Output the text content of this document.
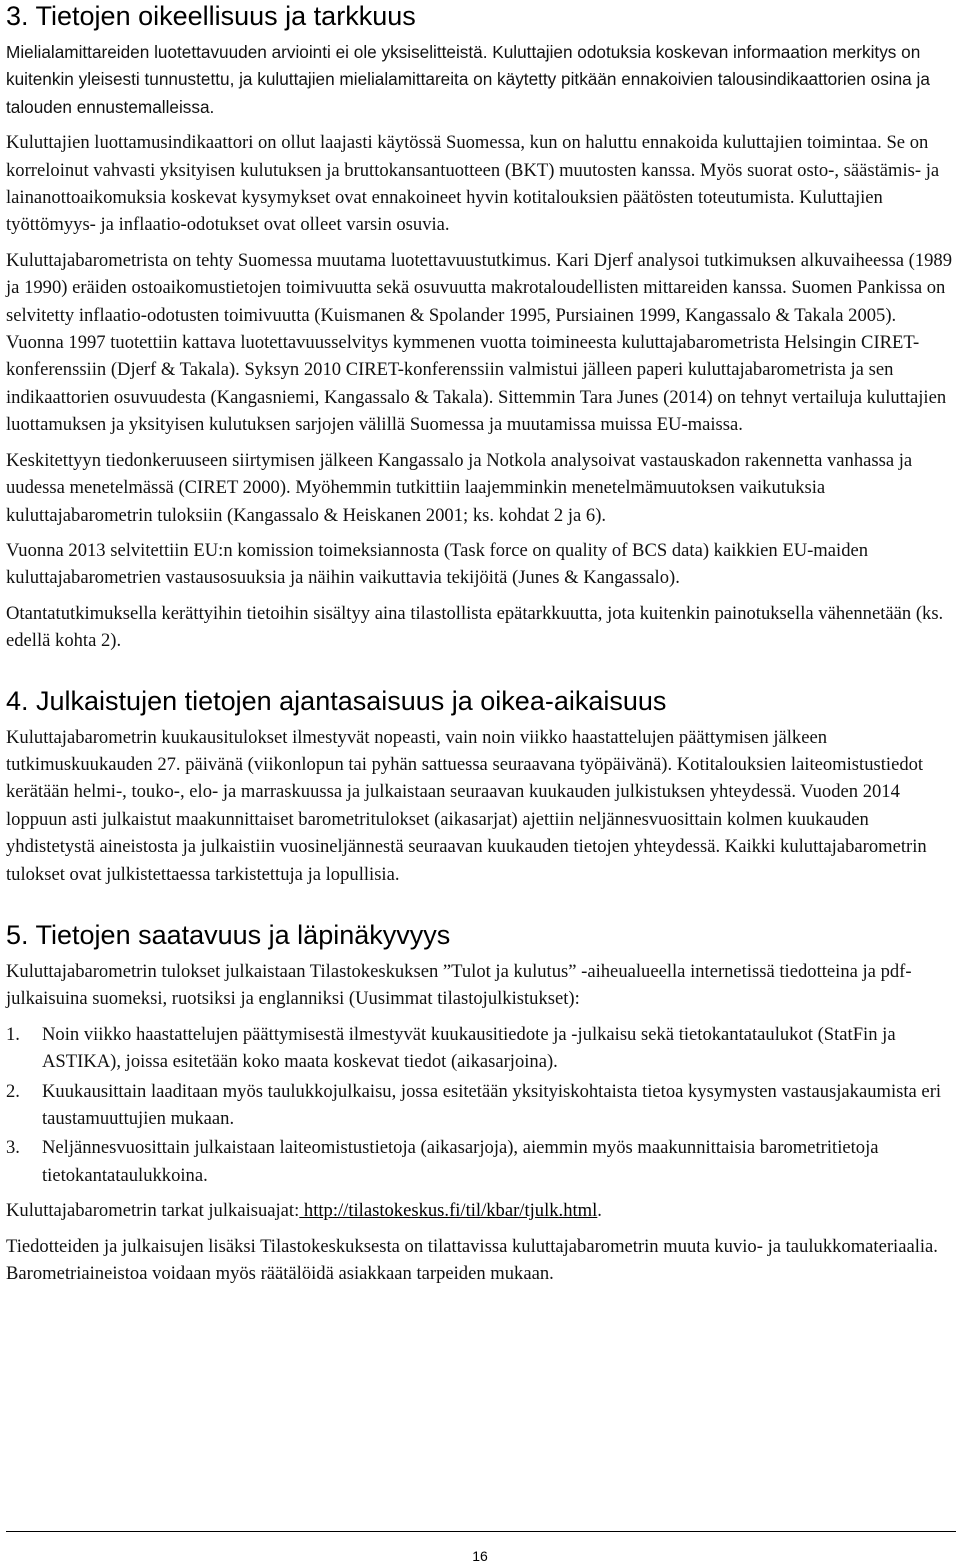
3. Tietojen oikeellisuus ja tarkkuus

Mielialamittareiden luotettavuuden arviointi ei ole yksiselitteistä. Kuluttajien odotuksia koskevan informaation merkitys on kuitenkin yleisesti tunnustettu, ja kuluttajien mielialamittareita on käytetty pitkään ennakoivien talousindikaattorien osina ja talouden ennustemalleissa.

Kuluttajien luottamusindikaattori on ollut laajasti käytössä Suomessa, kun on haluttu ennakoida kuluttajien toimintaa. Se on korreloinut vahvasti yksityisen kulutuksen ja bruttokansantuotteen (BKT) muutosten kanssa. Myös suorat osto-, säästämis- ja lainanottoaikomuksia koskevat kysymykset ovat ennakoineet hyvin kotitalouksien päätösten toteutumista. Kuluttajien työttömyys- ja inflaatio-odotukset ovat olleet varsin osuvia.

Kuluttajabarometrista on tehty Suomessa muutama luotettavuustutkimus. Kari Djerf analysoi tutkimuksen alkuvaiheessa (1989 ja 1990) eräiden ostoaikomustietojen toimivuutta sekä osuvuutta makrotaloudellisten mittareiden kanssa. Suomen Pankissa on selvitetty inflaatio-odotusten toimivuutta (Kuismanen & Spolander 1995, Pursiainen 1999, Kangassalo & Takala 2005). Vuonna 1997 tuotettiin kattava luotettavuusselvitys kymmenen vuotta toimineesta kuluttajabarometrista Helsingin CIRET-konferenssiin (Djerf & Takala). Syksyn 2010 CIRET-konferenssiin valmistui jälleen paperi kuluttajabarometrista ja sen indikaattorien osuvuudesta (Kangasniemi, Kangassalo & Takala). Sittemmin Tara Junes (2014) on tehnyt vertailuja kuluttajien luottamuksen ja yksityisen kulutuksen sarjojen välillä Suomessa ja muutamissa muissa EU-maissa.

Keskitettyyn tiedonkeruuseen siirtymisen jälkeen Kangassalo ja Notkola analysoivat vastauskadon rakennetta vanhassa ja uudessa menetelmässä (CIRET 2000). Myöhemmin tutkittiin laajemminkin menetelmämuutoksen vaikutuksia kuluttajabarometrin tuloksiin (Kangassalo & Heiskanen 2001; ks. kohdat 2 ja 6).

Vuonna 2013 selvitettiin EU:n komission toimeksiannosta (Task force on quality of BCS data) kaikkien EU-maiden kuluttajabarometrien vastausosuuksia ja näihin vaikuttavia tekijöitä (Junes & Kangassalo).

Otantatutkimuksella kerättyihin tietoihin sisältyy aina tilastollista epätarkkuutta, jota kuitenkin painotuksella vähennetään (ks. edellä kohta 2).

4. Julkaistujen tietojen ajantasaisuus ja oikea-aikaisuus

Kuluttajabarometrin kuukausitulokset ilmestyvät nopeasti, vain noin viikko haastattelujen päättymisen jälkeen tutkimuskuukauden 27. päivänä (viikonlopun tai pyhän sattuessa seuraavana työpäivänä). Kotitalouksien laiteomistustiedot kerätään helmi-, touko-, elo- ja marraskuussa ja julkaistaan seuraavan kuukauden julkistuksen yhteydessä. Vuoden 2014 loppuun asti julkaistut maakunnittaiset barometritulokset (aikasarjat) ajettiin neljännesvuosittain kolmen kuukauden yhdistetystä aineistosta ja julkaistiin vuosineljännestä seuraavan kuukauden tietojen yhteydessä. Kaikki kuluttajabarometrin tulokset ovat julkistettaessa tarkistettuja ja lopullisia.

5. Tietojen saatavuus ja läpinäkyvyys

Kuluttajabarometrin tulokset julkaistaan Tilastokeskuksen ”Tulot ja kulutus” -aiheualueella internetissä tiedotteina ja pdf-julkaisuina suomeksi, ruotsiksi ja englanniksi (Uusimmat tilastojulkistukset):

1.	Noin viikko haastattelujen päättymisestä ilmestyvät kuukausitiedote ja -julkaisu sekä tietokantataulukot (StatFin ja ASTIKA), joissa esitetään koko maata koskevat tiedot (aikasarjoina).
2.	Kuukausittain laaditaan myös taulukkojulkaisu, jossa esitetään yksityiskohtaista tietoa kysymysten vastausjakaumista eri taustamuuttujien mukaan.
3.	Neljännesvuosittain julkaistaan laiteomistustietoja (aikasarjoja), aiemmin myös maakunnittaisia barometritietoja tietokantataulukkoina.

Kuluttajabarometrin tarkat julkaisuajat: http://tilastokeskus.fi/til/kbar/tjulk.html.

Tiedotteiden ja julkaisujen lisäksi Tilastokeskuksesta on tilattavissa kuluttajabarometrin muuta kuvio- ja taulukkomateriaalia. Barometriaineistoa voidaan myös räätälöidä asiakkaan tarpeiden mukaan.

16
